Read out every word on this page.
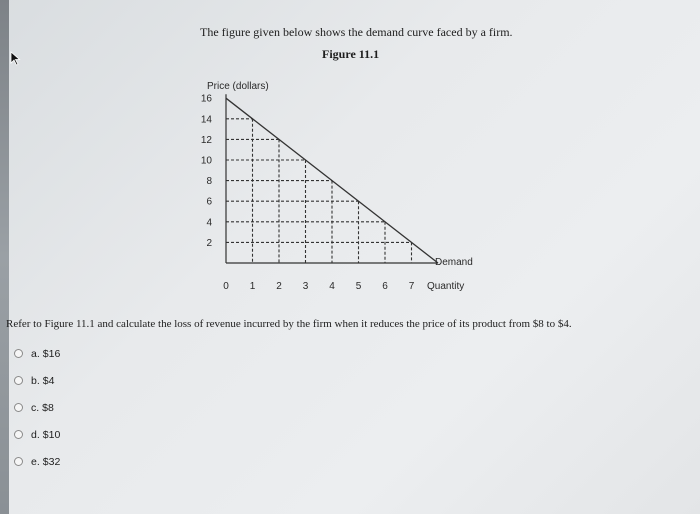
The figure given below shows the demand curve faced by a firm.
Figure 11.1
2
4
6
8
10
12
14
16
0 1 2 3 4 5 6 7
Price (dollars)
Quantity
Demand
Refer to Figure 11.1 and calculate the loss of revenue incurred by the firm when it reduces the price of its product from $8 to $4.
a. $16
b. $4
c. $8
d. $10
e. $32
